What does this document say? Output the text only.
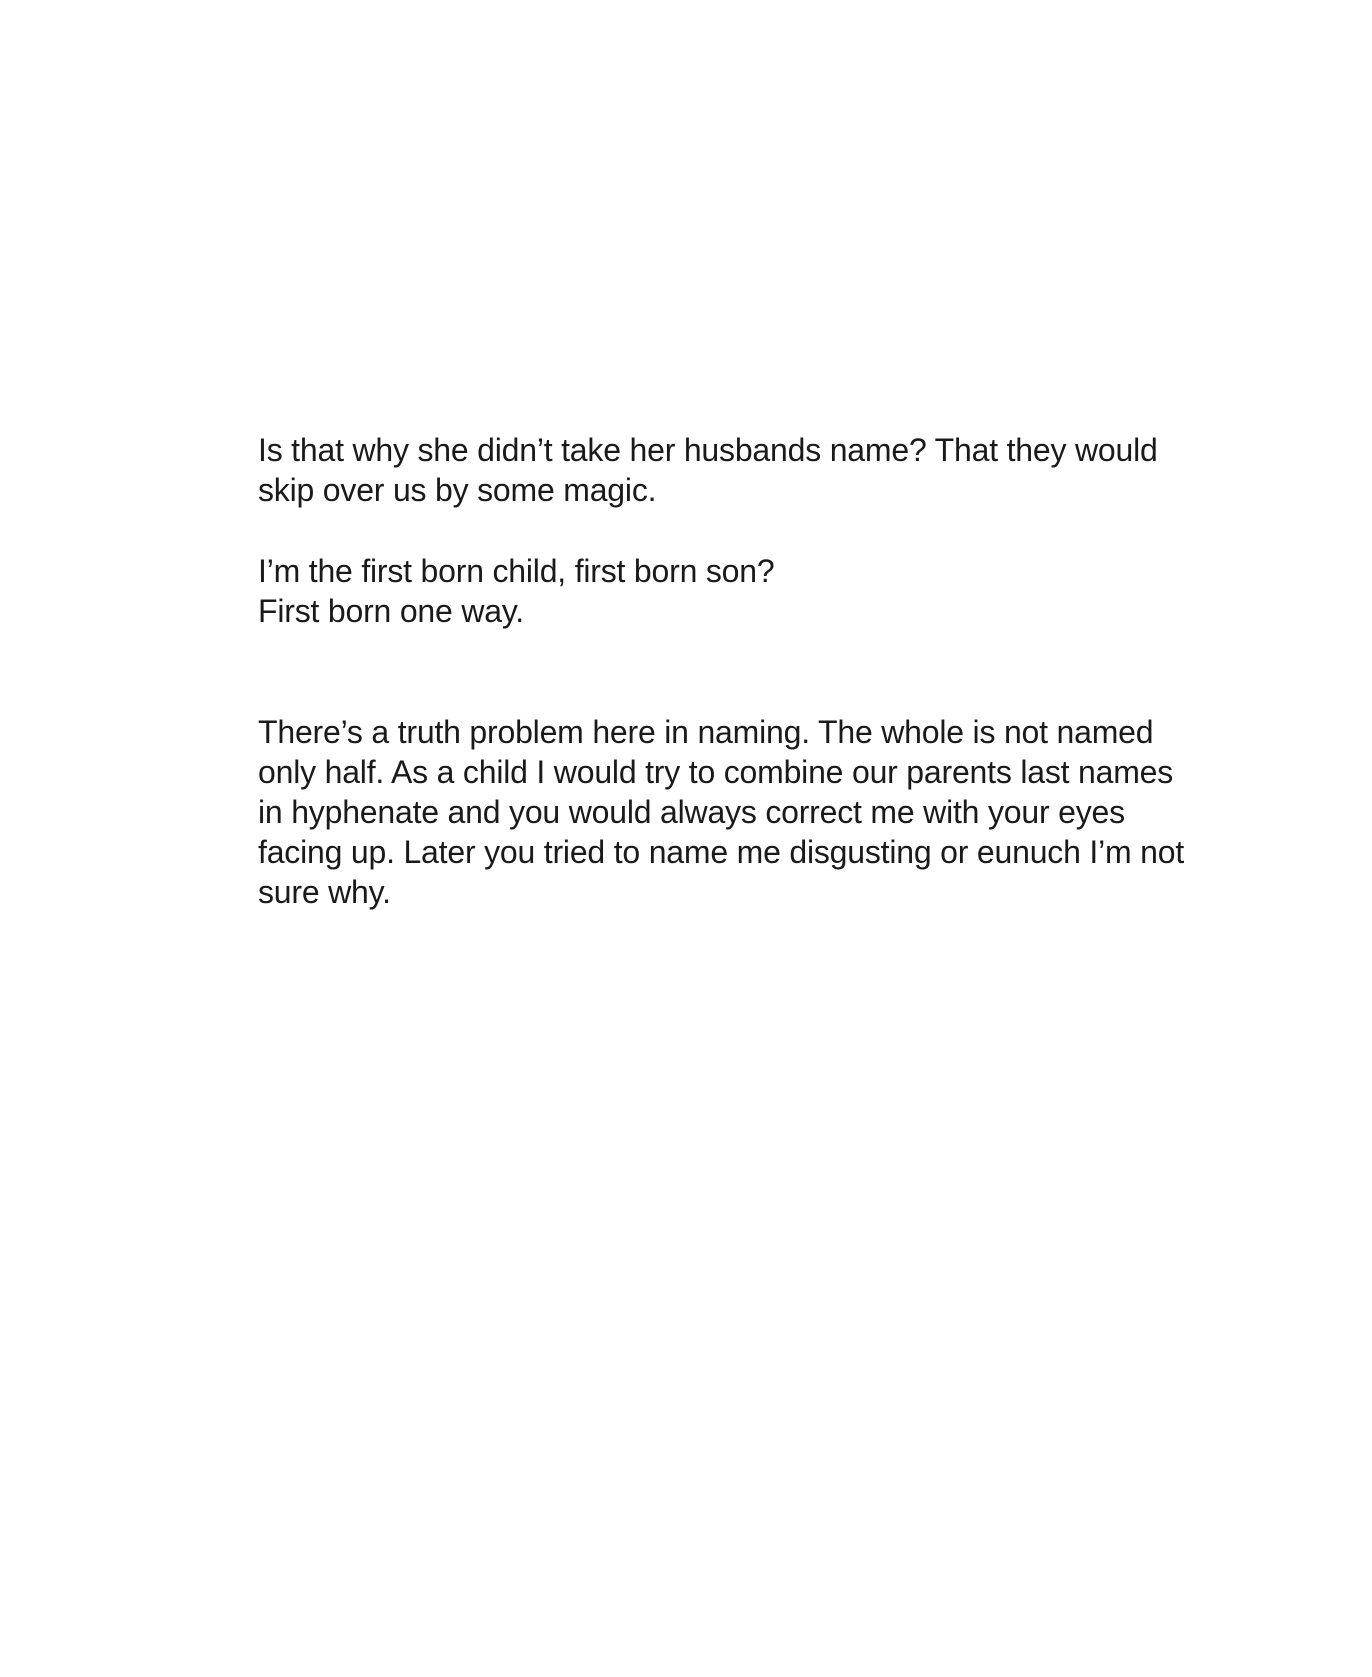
Is that why she didn’t take her husbands name? That they would
skip over us by some magic.
I’m the first born child, first born son?
First born one way.
There’s a truth problem here in naming. The whole is not named
only half. As a child I would try to combine our parents last names
in hyphenate and you would always correct me with your eyes
facing up. Later you tried to name me disgusting or eunuch I’m not
sure why.
